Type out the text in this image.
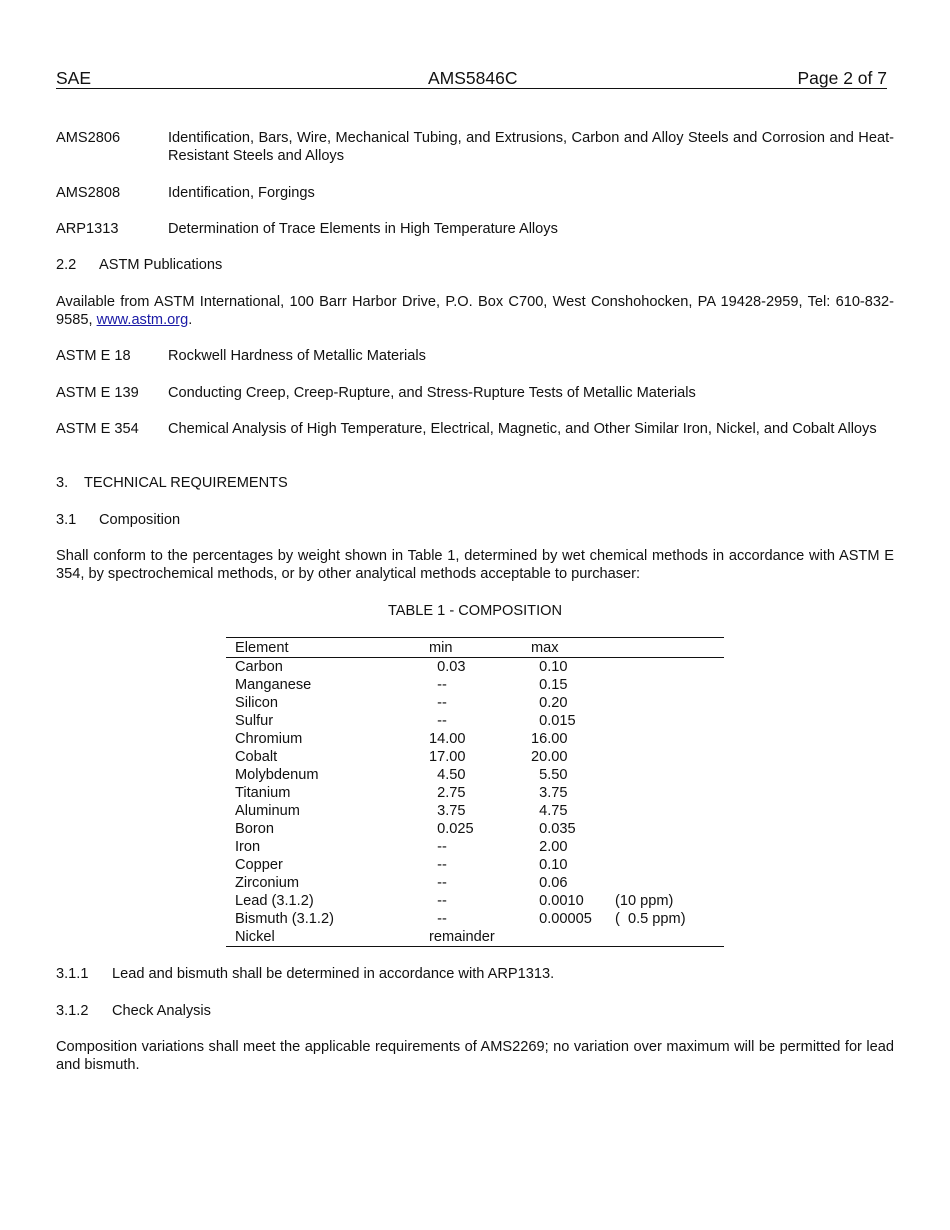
SAE	AMS5846C	Page 2 of 7
AMS2806	Identification, Bars, Wire, Mechanical Tubing, and Extrusions, Carbon and Alloy Steels and Corrosion and Heat-Resistant Steels and Alloys
AMS2808	Identification, Forgings
ARP1313	Determination of Trace Elements in High Temperature Alloys
2.2 ASTM Publications
Available from ASTM International, 100 Barr Harbor Drive, P.O. Box C700, West Conshohocken, PA 19428-2959, Tel: 610-832-9585, www.astm.org.
ASTM E 18	Rockwell Hardness of Metallic Materials
ASTM E 139	Conducting Creep, Creep-Rupture, and Stress-Rupture Tests of Metallic Materials
ASTM E 354	Chemical Analysis of High Temperature, Electrical, Magnetic, and Other Similar Iron, Nickel, and Cobalt Alloys
3. TECHNICAL REQUIREMENTS
3.1 Composition
Shall conform to the percentages by weight shown in Table 1, determined by wet chemical methods in accordance with ASTM E 354, by spectrochemical methods, or by other analytical methods acceptable to purchaser:
TABLE 1 - COMPOSITION
Element	min	max	
Carbon	0.03	0.10	
Manganese	--	0.15	
Silicon	--	0.20	
Sulfur	--	0.015	
Chromium	14.00	16.00	
Cobalt	17.00	20.00	
Molybdenum	4.50	5.50	
Titanium	2.75	3.75	
Aluminum	3.75	4.75	
Boron	0.025	0.035	
Iron	--	2.00	
Copper	--	0.10	
Zirconium	--	0.06	
Lead (3.1.2)	--	0.0010	(10 ppm)
Bismuth (3.1.2)	--	0.00005	(  0.5 ppm)
Nickel	remainder		
3.1.1 Lead and bismuth shall be determined in accordance with ARP1313.
3.1.2 Check Analysis
Composition variations shall meet the applicable requirements of AMS2269; no variation over maximum will be permitted for lead and bismuth.
